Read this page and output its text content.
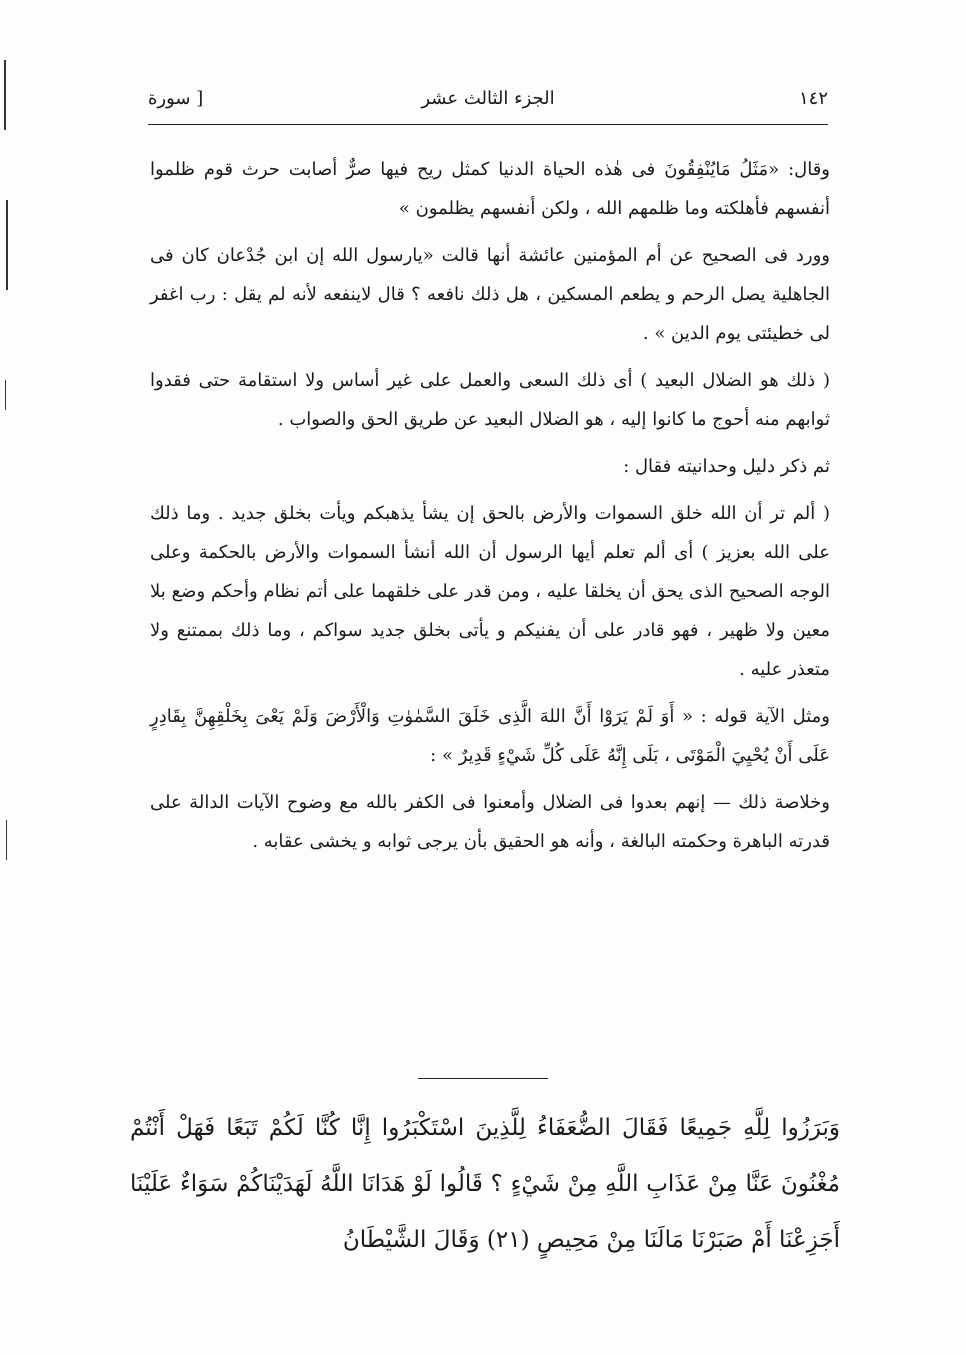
١٤٢
الجزء الثالث عشر
[ سورة

وقال: «مَثَلُ مَايُنْفِقُونَ فى هٰذه الحياة الدنيا كمثل ريح فيها صرٌّ أصابت حرث قوم ظلموا أنفسهم فأهلكته وما ظلمهم الله ، ولكن أنفسهم يظلمون »

وورد فى الصحيح عن أم المؤمنين عائشة أنها قالت «يارسول الله إن ابن جُدْعان كان فى الجاهلية يصل الرحم و يطعم المسكين ، هل ذلك نافعه ؟ قال لاينفعه لأنه لم يقل : رب اغفر لى خطيئتى يوم الدين » .

( ذلك هو الضلال البعيد ) أى ذلك السعى والعمل على غير أساس ولا استقامة حتى فقدوا ثوابهم منه أحوج ما كانوا إليه ، هو الضلال البعيد عن طريق الحق والصواب .

ثم ذكر دليل وحدانيته فقال :

( ألم تر أن الله خلق السموات والأرض بالحق إن يشأ يذهبكم ويأت بخلق جديد . وما ذلك على الله بعزيز ) أى ألم تعلم أيها الرسول أن الله أنشأ السموات والأرض بالحكمة وعلى الوجه الصحيح الذى يحق أن يخلقا عليه ، ومن قدر على خلقهما على أتم نظام وأحكم وضع بلا معين ولا ظهير ، فهو قادر على أن يفنيكم و يأتى بخلق جديد سواكم ، وما ذلك بممتنع ولا متعذر عليه .

ومثل الآية قوله : « أَوَ لَمْ يَرَوْا أَنَّ اللهَ الَّذِى خَلَقَ السَّمٰوٰتِ وَالْأَرْضَ وَلَمْ يَعْىَ بِخَلْقِهِنَّ بِقَادِرٍ عَلَى أَنْ يُحْيِيَ الْمَوْتَى ، بَلَى إِنَّهُ عَلَى كُلِّ شَيْءٍ قَدِيرٌ » :

وخلاصة ذلك — إنهم بعدوا فى الضلال وأمعنوا فى الكفر بالله مع وضوح الآيات الدالة على قدرته الباهرة وحكمته البالغة ، وأنه هو الحقيق بأن يرجى ثوابه و يخشى عقابه .

وَبَرَزُوا لِلَّهِ جَمِيعًا فَقَالَ الضُّعَفَاءُ لِلَّذِينَ اسْتَكْبَرُوا إِنَّا كُنَّا لَكُمْ تَبَعًا فَهَلْ أَنْتُمْ مُغْنُونَ عَنَّا مِنْ عَذَابِ اللَّهِ مِنْ شَيْءٍ ؟ قَالُوا لَوْ هَدَانَا اللَّهُ لَهَدَيْنَاكُمْ سَوَاءٌ عَلَيْنَا أَجَزِعْنَا أَمْ صَبَرْنَا مَالَنَا مِنْ مَحِيصٍ (٢١) وَقَالَ الشَّيْطَانُ
